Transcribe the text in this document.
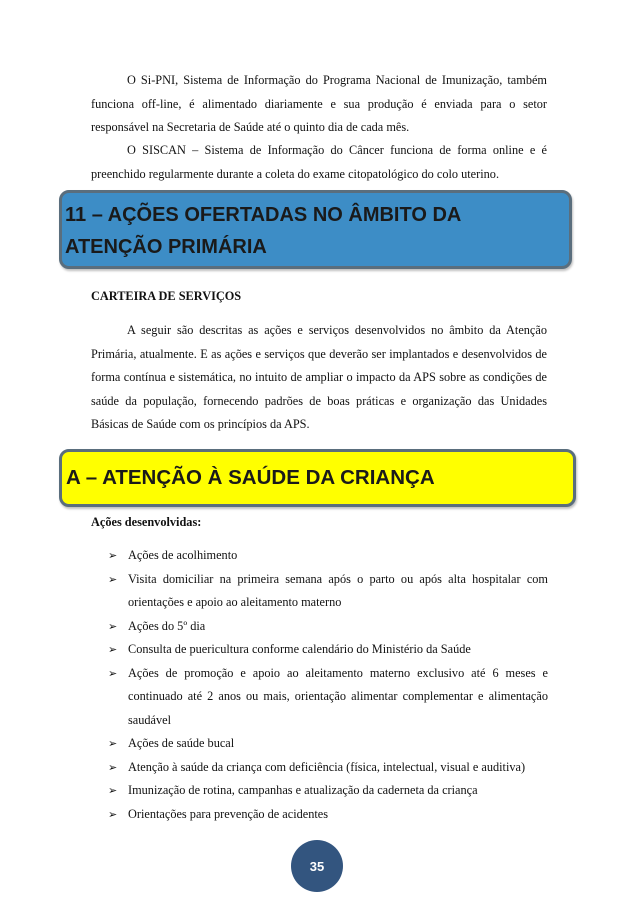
O Si-PNI, Sistema de Informação do Programa Nacional de Imunização, também funciona off-line, é alimentado diariamente e sua produção é enviada para o setor responsável na Secretaria de Saúde até o quinto dia de cada mês.

O SISCAN – Sistema de Informação do Câncer funciona de forma online e é preenchido regularmente durante a coleta do exame citopatológico do colo uterino.

11 – AÇÕES OFERTADAS NO ÂMBITO DA
ATENÇÃO PRIMÁRIA

CARTEIRA DE SERVIÇOS

A seguir são descritas as ações e serviços desenvolvidos no âmbito da Atenção Primária, atualmente. E as ações e serviços que deverão ser implantados e desenvolvidos de forma contínua e sistemática, no intuito de ampliar o impacto da APS sobre as condições de saúde da população, fornecendo padrões de boas práticas e organização das Unidades Básicas de Saúde com os princípios da APS.

A – ATENÇÃO À SAÚDE DA CRIANÇA

Ações desenvolvidas:

➢ Ações de acolhimento
➢ Visita domiciliar na primeira semana após o parto ou após alta hospitalar com orientações e apoio ao aleitamento materno
➢ Ações do 5º dia
➢ Consulta de puericultura conforme calendário do Ministério da Saúde
➢ Ações de promoção e apoio ao aleitamento materno exclusivo até 6 meses e continuado até 2 anos ou mais, orientação alimentar complementar e alimentação saudável
➢ Ações de saúde bucal
➢ Atenção à saúde da criança com deficiência (física, intelectual, visual e auditiva)
➢ Imunização de rotina, campanhas e atualização da caderneta da criança
➢ Orientações para prevenção de acidentes
35
